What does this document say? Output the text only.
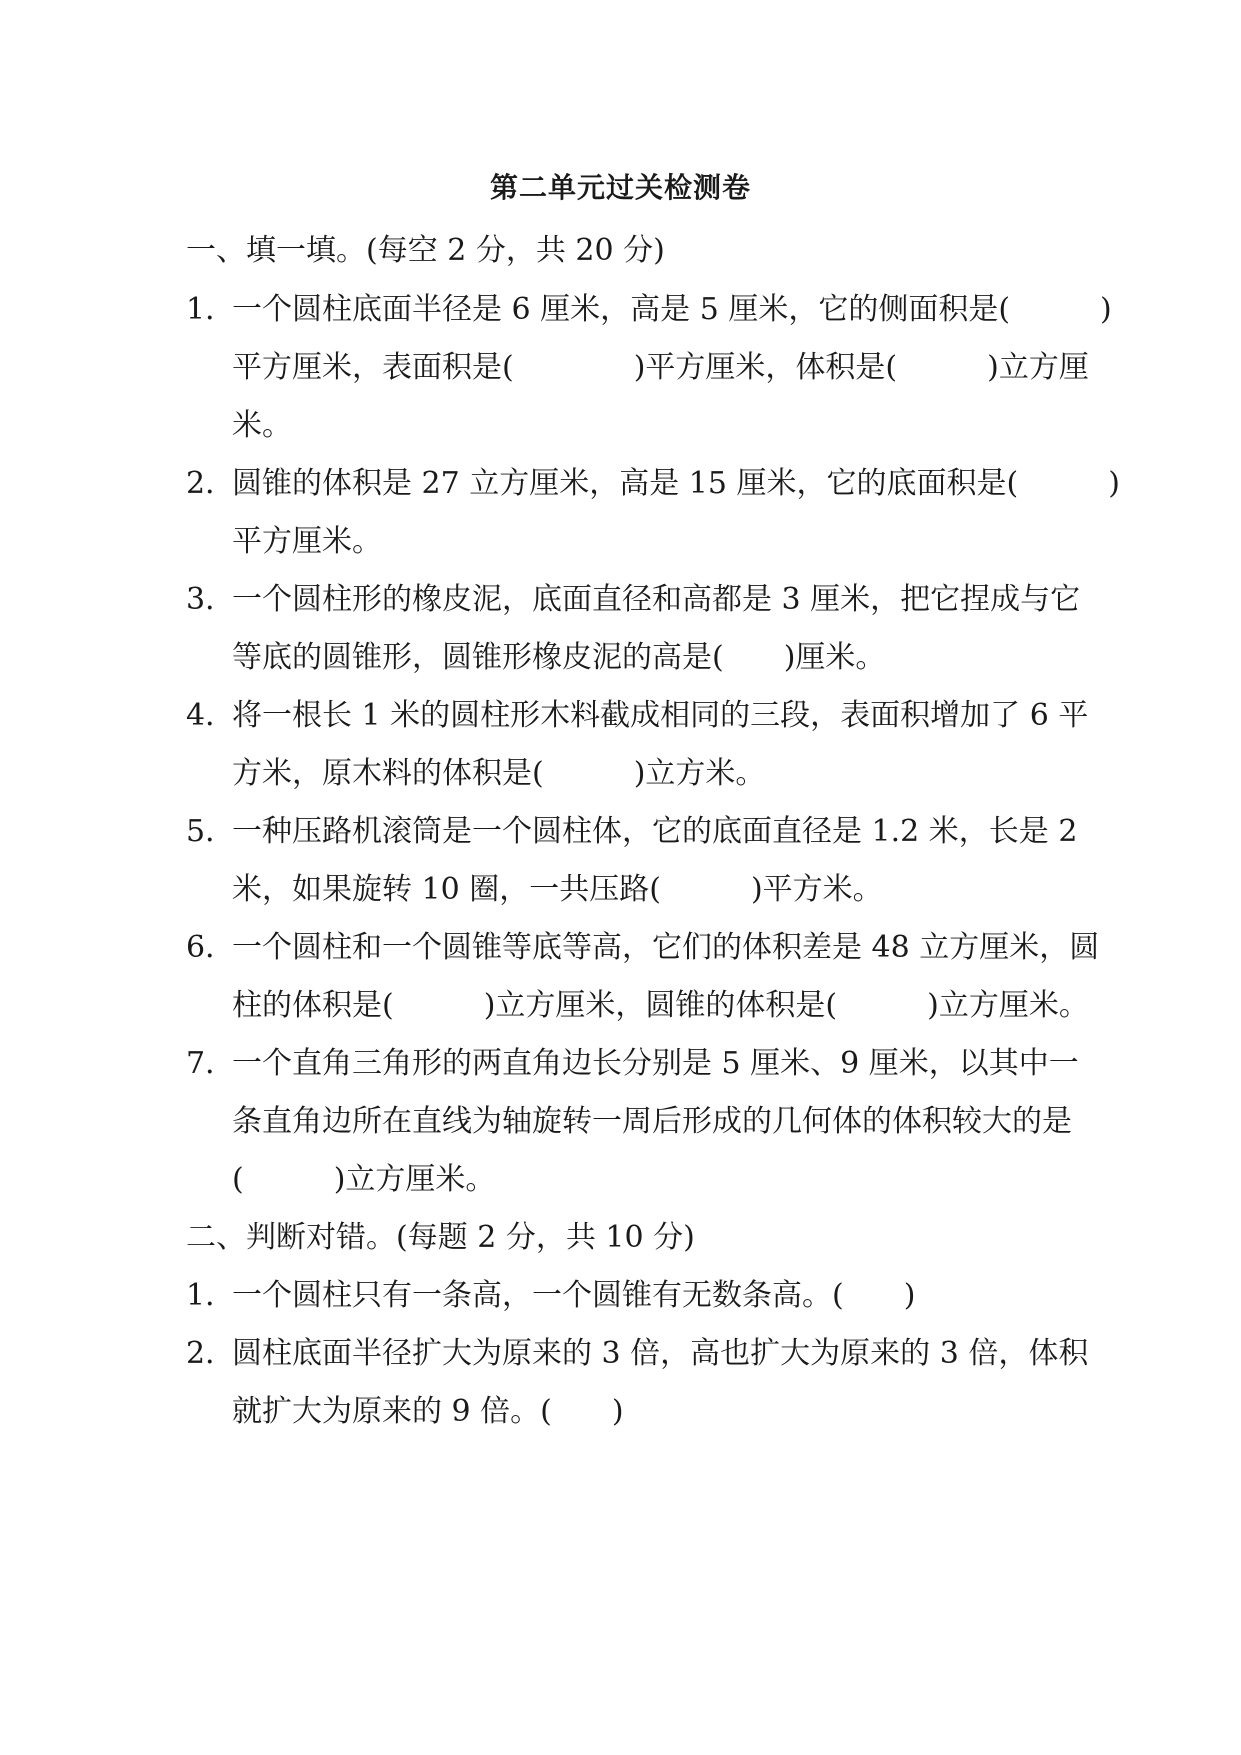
第二单元过关检测卷
一、填一填。(每空 2 分，共 20 分)
1．
一个圆柱底面半径是 6 厘米，高是 5 厘米，它的侧面积是(　　　)
平方厘米，表面积是(　　　　)平方厘米，体积是(　　　)立方厘
米。
2．
圆锥的体积是 27 立方厘米，高是 15 厘米，它的底面积是(　　　)
平方厘米。
3．
一个圆柱形的橡皮泥，底面直径和高都是 3 厘米，把它捏成与它
等底的圆锥形，圆锥形橡皮泥的高是(　　)厘米。
4．
将一根长 1 米的圆柱形木料截成相同的三段，表面积增加了 6 平
方米，原木料的体积是(　　　)立方米。
5．
一种压路机滚筒是一个圆柱体，它的底面直径是 1.2 米，长是 2
米，如果旋转 10 圈，一共压路(　　　)平方米。
6．
一个圆柱和一个圆锥等底等高，它们的体积差是 48 立方厘米，圆
柱的体积是(　　　)立方厘米，圆锥的体积是(　　　)立方厘米。
7．
一个直角三角形的两直角边长分别是 5 厘米、9 厘米，以其中一
条直角边所在直线为轴旋转一周后形成的几何体的体积较大的是
(　　　)立方厘米。
二、判断对错。(每题 2 分，共 10 分)
1．
一个圆柱只有一条高，一个圆锥有无数条高。(　　)
2．
圆柱底面半径扩大为原来的 3 倍，高也扩大为原来的 3 倍，体积
就扩大为原来的 9 倍。(　　)
